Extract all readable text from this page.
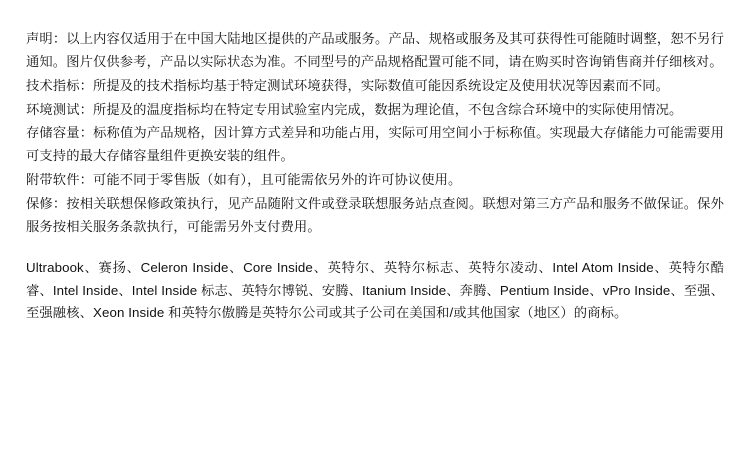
声明：以上内容仅适用于在中国大陆地区提供的产品或服务。产品、规格或服务及其可获得性可能随时调整，恕不另行通知。图片仅供参考，产品以实际状态为准。不同型号的产品规格配置可能不同，请在购买时咨询销售商并仔细核对。

技术指标：所提及的技术指标均基于特定测试环境获得，实际数值可能因系统设定及使用状况等因素而不同。

环境测试：所提及的温度指标均在特定专用试验室内完成，数据为理论值，不包含综合环境中的实际使用情况。

存储容量：标称值为产品规格，因计算方式差异和功能占用，实际可用空间小于标称值。实现最大存储能力可能需要用可支持的最大存储容量组件更换安装的组件。

附带软件：可能不同于零售版（如有），且可能需依另外的许可协议使用。

保修：按相关联想保修政策执行，见产品随附文件或登录联想服务站点查阅。联想对第三方产品和服务不做保证。保外服务按相关服务条款执行，可能需另外支付费用。

Ultrabook、赛扬、Celeron Inside、Core Inside、英特尔、英特尔标志、英特尔凌动、Intel Atom Inside、英特尔酷睿、Intel Inside、Intel Inside 标志、英特尔博锐、安腾、Itanium Inside、奔腾、Pentium Inside、vPro Inside、至强、至强融核、Xeon Inside 和英特尔傲腾是英特尔公司或其子公司在美国和/或其他国家（地区）的商标。
